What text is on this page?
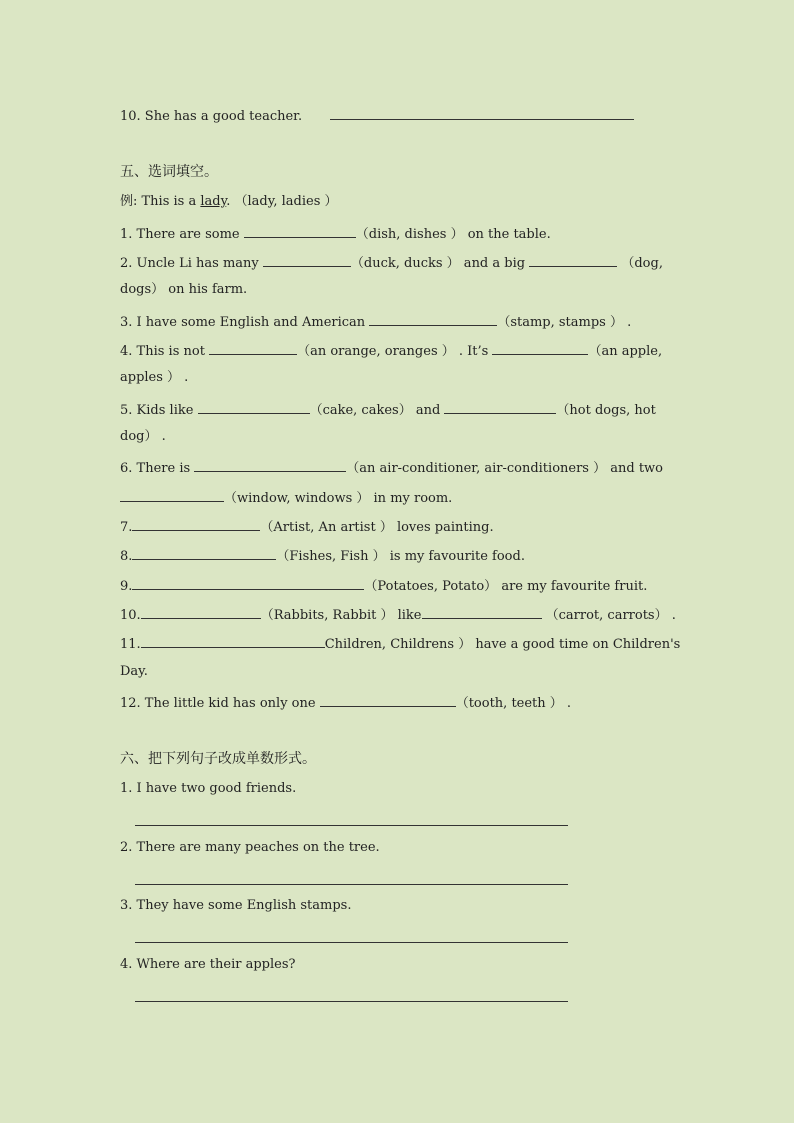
10. She has a good teacher.
五、选词填空。
例: This is a lady. （lady, ladies ）
1. There are some	（dish, dishes ） on the table.
2. Uncle Li has many	（duck, ducks ） and a big	（dog,
dogs） on his farm.
3. I have some English and American	（stamp, stamps ） .
4. This is not	（an orange, oranges ） . It’s	（an apple,
apples ） .
5. Kids like	（cake, cakes） and	（hot dogs, hot
dog） .
6. There is	（an air-conditioner, air-conditioners ） and two
（window, windows ） in my room.
7.	（Artist, An artist ） loves painting.
8.	（Fishes, Fish ） is my favourite food.
9.	（Potatoes, Potato） are my favourite fruit.
10.	（Rabbits, Rabbit ） like	（carrot, carrots） .
11.	Children, Childrens ） have a good time on Children's
Day.
12. The little kid has only one	（tooth, teeth ） .
六、把下列句子改成单数形式。
1. I have two good friends.
2. There are many peaches on the tree.
3. They have some English stamps.
4. Where are their apples?
